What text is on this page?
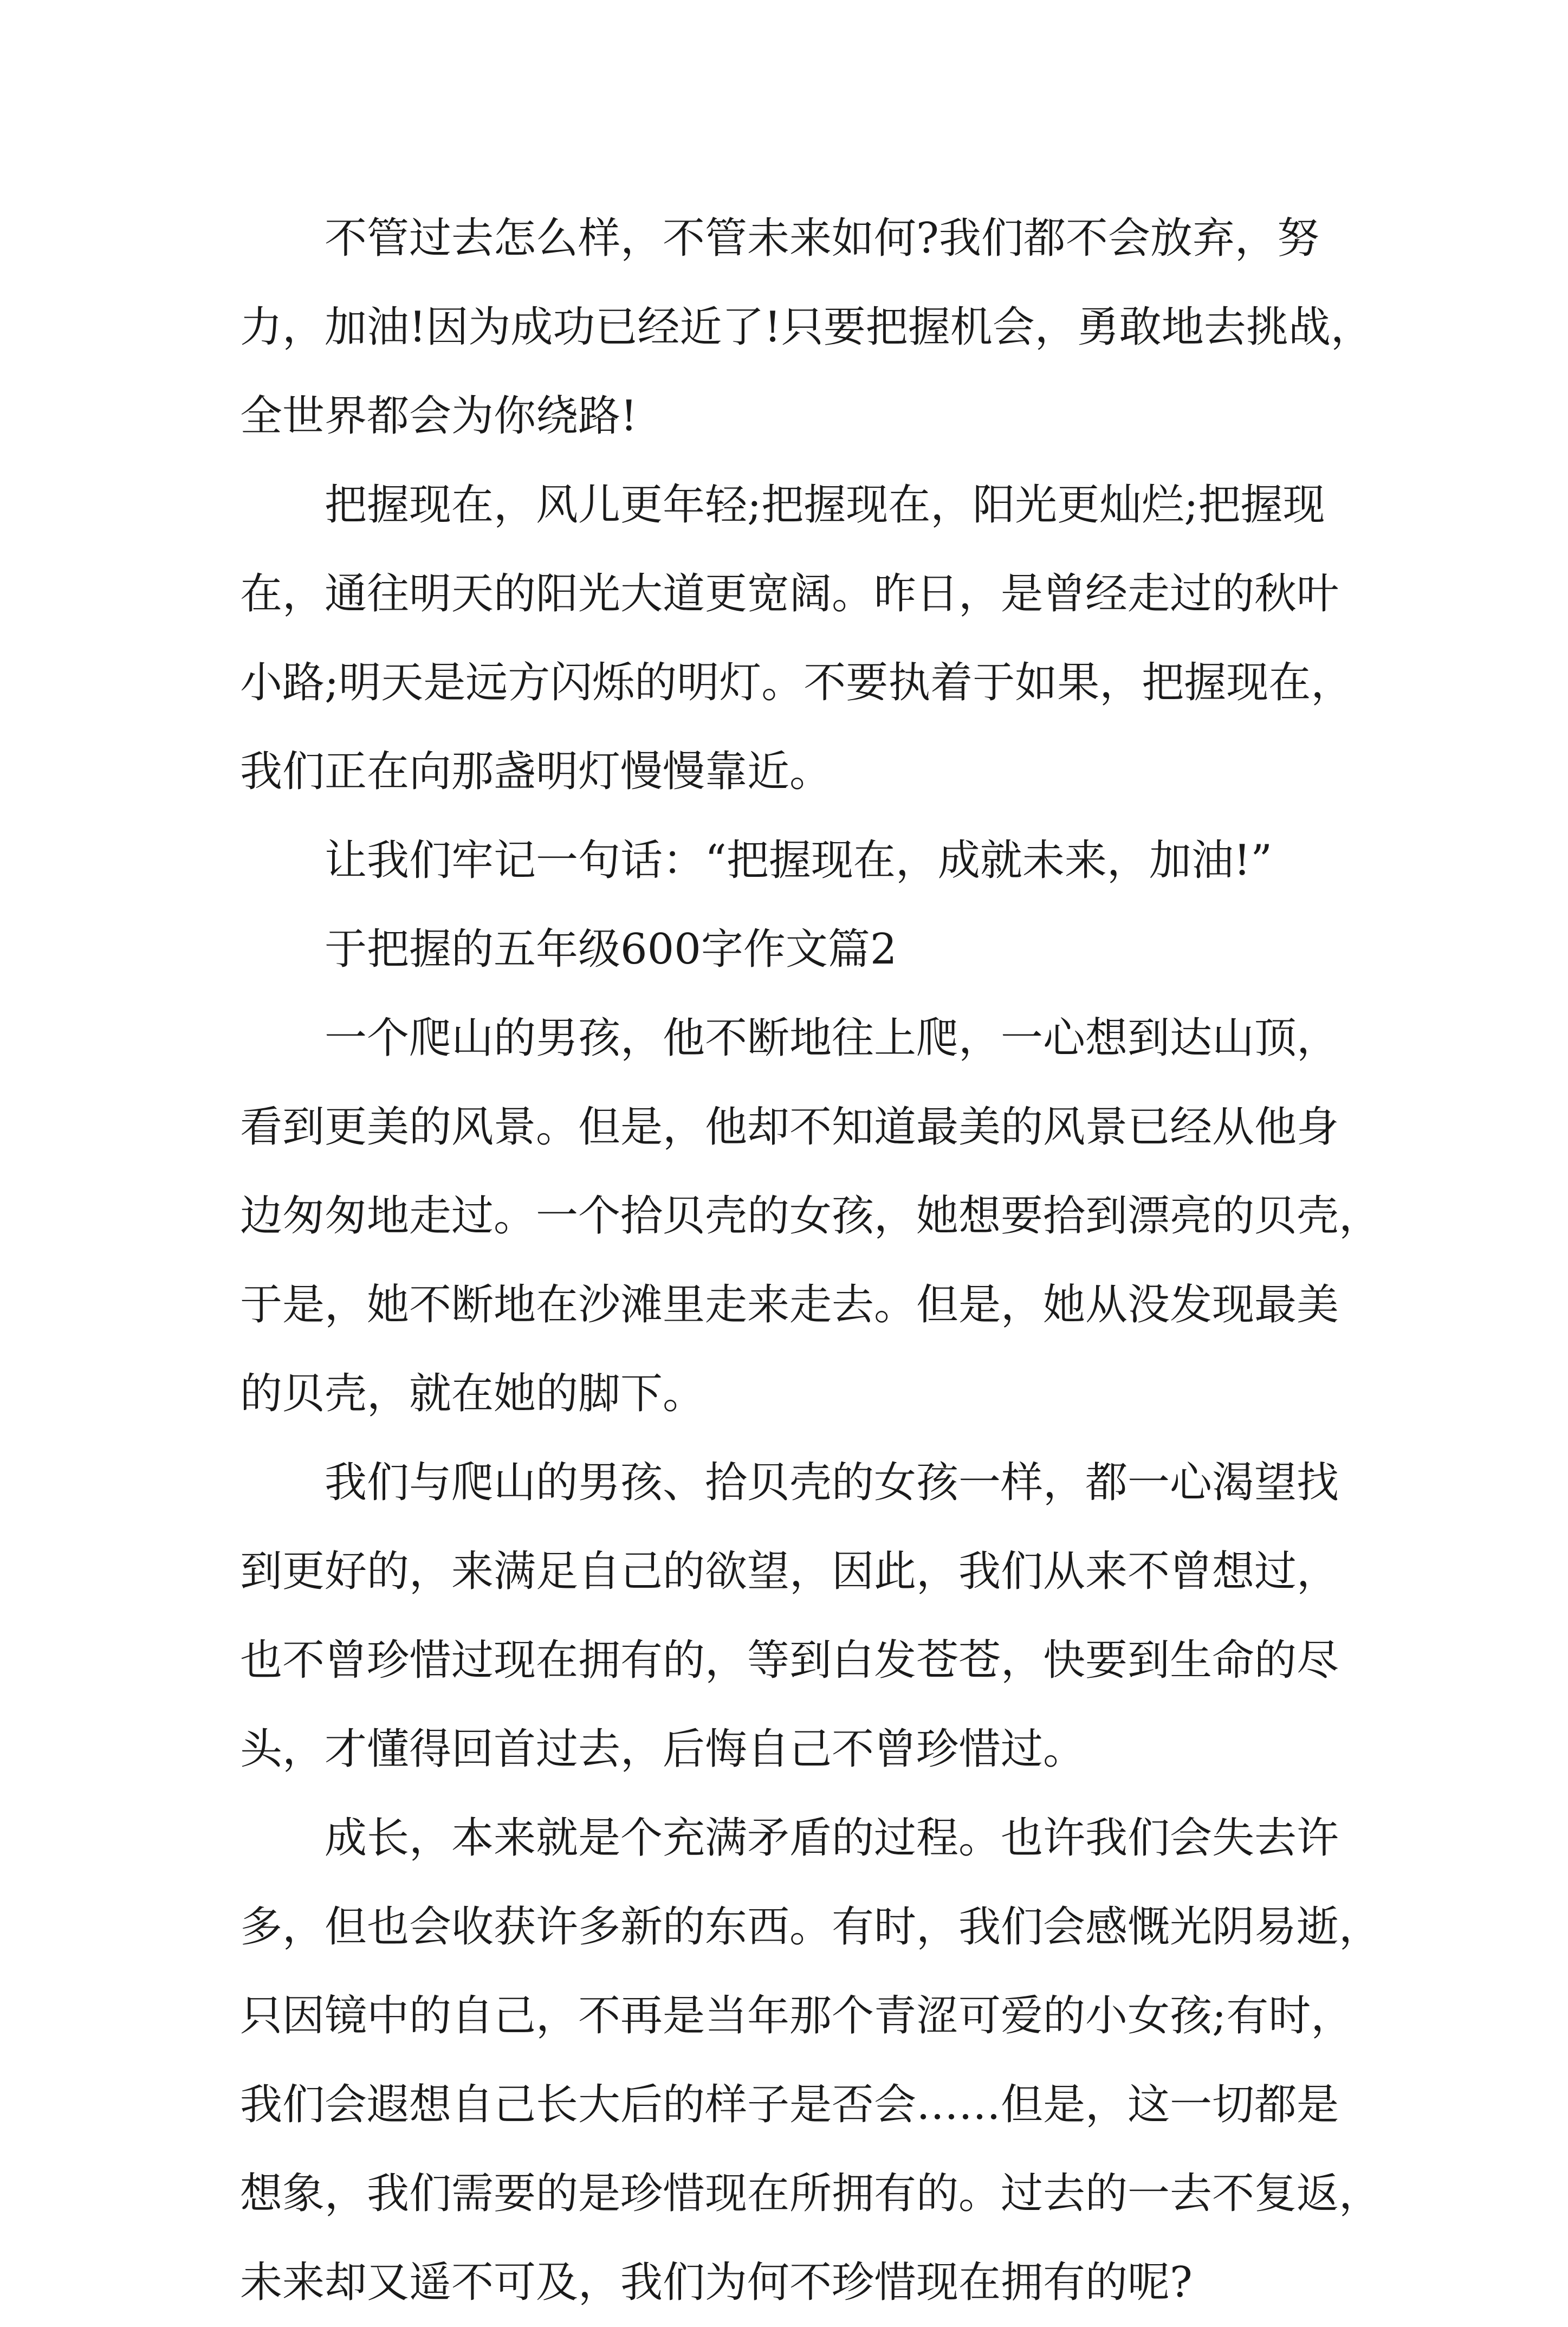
不管过去怎么样，不管未来如何?我们都不会放弃，努
力，加油!因为成功已经近了!只要把握机会，勇敢地去挑战，
全世界都会为你绕路!
把握现在，风儿更年轻;把握现在，阳光更灿烂;把握现
在，通往明天的阳光大道更宽阔。昨日，是曾经走过的秋叶
小路;明天是远方闪烁的明灯。不要执着于如果，把握现在，
我们正在向那盏明灯慢慢靠近。
让我们牢记一句话：“把握现在，成就未来，加油!”
于把握的五年级600字作文篇2
一个爬山的男孩，他不断地往上爬，一心想到达山顶，
看到更美的风景。但是，他却不知道最美的风景已经从他身
边匆匆地走过。一个拾贝壳的女孩，她想要拾到漂亮的贝壳，
于是，她不断地在沙滩里走来走去。但是，她从没发现最美
的贝壳，就在她的脚下。
我们与爬山的男孩、拾贝壳的女孩一样，都一心渴望找
到更好的，来满足自己的欲望，因此，我们从来不曾想过，
也不曾珍惜过现在拥有的，等到白发苍苍，快要到生命的尽
头，才懂得回首过去，后悔自己不曾珍惜过。
成长，本来就是个充满矛盾的过程。也许我们会失去许
多，但也会收获许多新的东西。有时，我们会感慨光阴易逝，
只因镜中的自己，不再是当年那个青涩可爱的小女孩;有时，
我们会遐想自己长大后的样子是否会……但是，这一切都是
想象，我们需要的是珍惜现在所拥有的。过去的一去不复返，
未来却又遥不可及，我们为何不珍惜现在拥有的呢?
